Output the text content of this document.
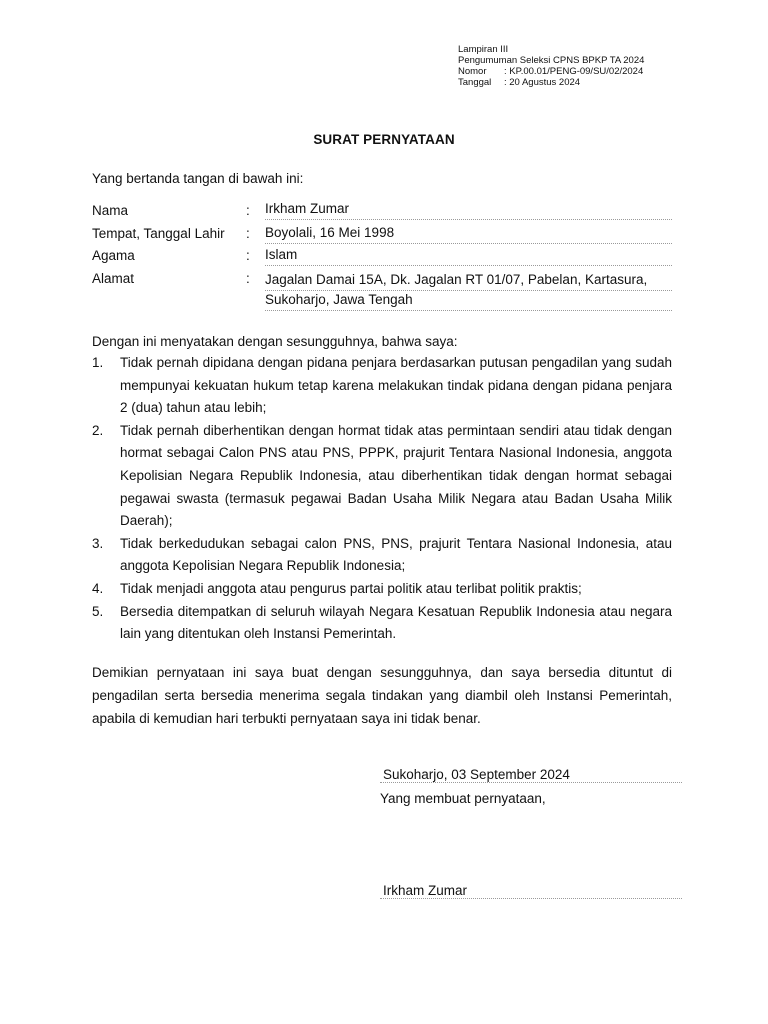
Lampiran III
Pengumuman Seleksi CPNS BPKP TA 2024
Nomor	: KP.00.01/PENG-09/SU/02/2024
Tanggal	: 20 Agustus 2024
SURAT PERNYATAAN
Yang bertanda tangan di bawah ini:
Nama	: Irkham Zumar
Tempat, Tanggal Lahir : Boyolali, 16 Mei 1998
Agama	: Islam
Alamat	: Jagalan Damai 15A, Dk. Jagalan RT 01/07, Pabelan, Kartasura,
Sukoharjo, Jawa Tengah
Dengan ini menyatakan dengan sesungguhnya, bahwa saya:
1. Tidak pernah dipidana dengan pidana penjara berdasarkan putusan pengadilan yang sudah mempunyai kekuatan hukum tetap karena melakukan tindak pidana dengan pidana penjara 2 (dua) tahun atau lebih;
2. Tidak pernah diberhentikan dengan hormat tidak atas permintaan sendiri atau tidak dengan hormat sebagai Calon PNS atau PNS, PPPK, prajurit Tentara Nasional Indonesia, anggota Kepolisian Negara Republik Indonesia, atau diberhentikan tidak dengan hormat sebagai pegawai swasta (termasuk pegawai Badan Usaha Milik Negara atau Badan Usaha Milik Daerah);
3. Tidak berkedudukan sebagai calon PNS, PNS, prajurit Tentara Nasional Indonesia, atau anggota Kepolisian Negara Republik Indonesia;
4. Tidak menjadi anggota atau pengurus partai politik atau terlibat politik praktis;
5. Bersedia ditempatkan di seluruh wilayah Negara Kesatuan Republik Indonesia atau negara lain yang ditentukan oleh Instansi Pemerintah.
Demikian pernyataan ini saya buat dengan sesungguhnya, dan saya bersedia dituntut di pengadilan serta bersedia menerima segala tindakan yang diambil oleh Instansi Pemerintah, apabila di kemudian hari terbukti pernyataan saya ini tidak benar.
Sukoharjo, 03 September 2024
Yang membuat pernyataan,
Irkham Zumar
